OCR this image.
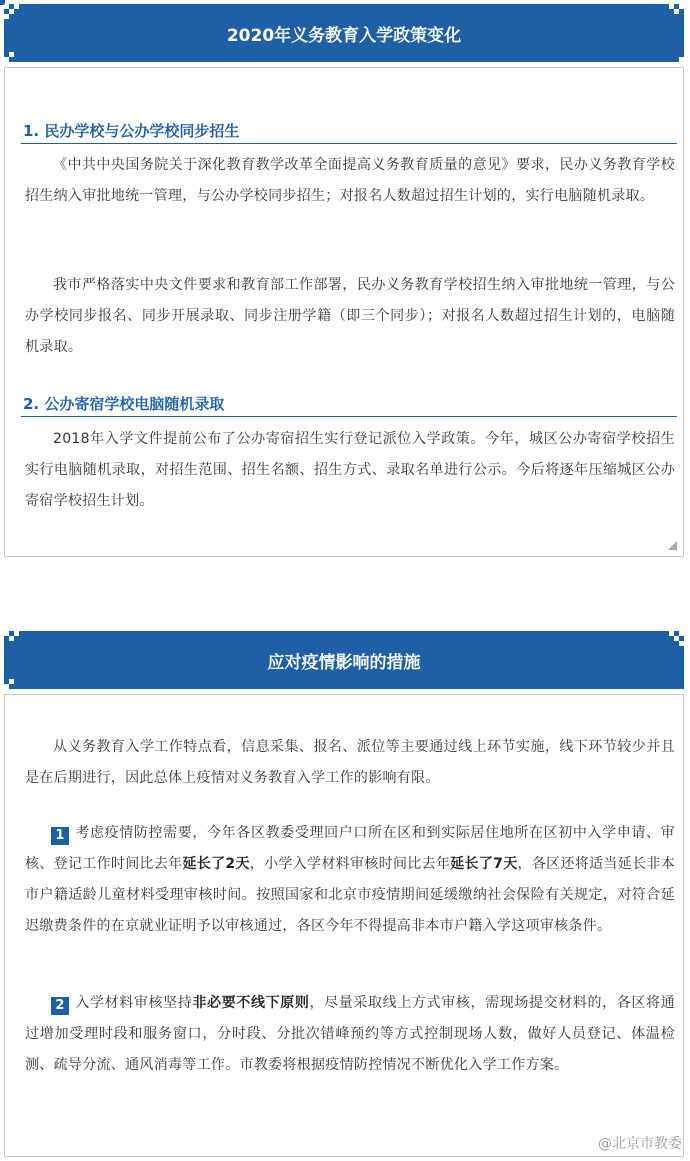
2020年义务教育入学政策变化
1. 民办学校与公办学校同步招生
《中共中央国务院关于深化教育教学改革全面提高义务教育质量的意见》要求，民办义务教育学校招生纳入审批地统一管理，与公办学校同步招生；对报名人数超过招生计划的，实行电脑随机录取。
我市严格落实中央文件要求和教育部工作部署，民办义务教育学校招生纳入审批地统一管理，与公办学校同步报名、同步开展录取、同步注册学籍（即三个同步）；对报名人数超过招生计划的，电脑随机录取。
2. 公办寄宿学校电脑随机录取
2018年入学文件提前公布了公办寄宿招生实行登记派位入学政策。今年，城区公办寄宿学校招生实行电脑随机录取，对招生范围、招生名额、招生方式、录取名单进行公示。今后将逐年压缩城区公办寄宿学校招生计划。
应对疫情影响的措施
从义务教育入学工作特点看，信息采集、报名、派位等主要通过线上环节实施，线下环节较少并且是在后期进行，因此总体上疫情对义务教育入学工作的影响有限。
1 考虑疫情防控需要，今年各区教委受理回户口所在区和到实际居住地所在区初中入学申请、审核、登记工作时间比去年延长了2天，小学入学材料审核时间比去年延长了7天，各区还将适当延长非本市户籍适龄儿童材料受理审核时间。按照国家和北京市疫情期间延缓缴纳社会保险有关规定，对符合延迟缴费条件的在京就业证明予以审核通过，各区今年不得提高非本市户籍入学这项审核条件。
2 入学材料审核坚持非必要不线下原则，尽量采取线上方式审核，需现场提交材料的，各区将通过增加受理时段和服务窗口，分时段、分批次错峰预约等方式控制现场人数，做好人员登记、体温检测、疏导分流、通风消毒等工作。市教委将根据疫情防控情况不断优化入学工作方案。
@北京市教委
